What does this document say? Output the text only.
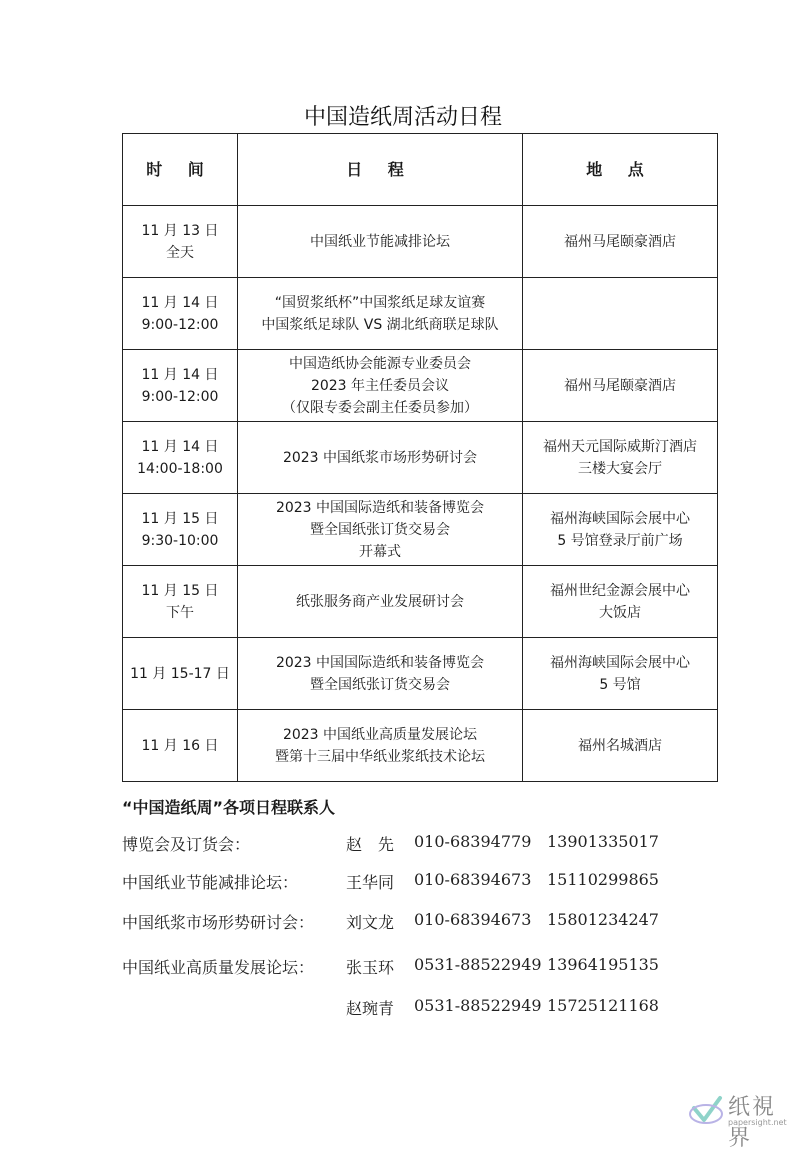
中国造纸周活动日程
时 间	日 程	地 点

11 月 13 日
全天	中国纸业节能减排论坛	福州马尾颐豪酒店

11 月 14 日
9:00-12:00	“国贸浆纸杯”中国浆纸足球友谊赛
中国浆纸足球队 VS 湖北纸商联足球队	

11 月 14 日
9:00-12:00	中国造纸协会能源专业委员会
2023 年主任委员会议
（仅限专委会副主任委员参加）	福州马尾颐豪酒店

11 月 14 日
14:00-18:00	2023 中国纸浆市场形势研讨会	福州天元国际威斯汀酒店
三楼大宴会厅

11 月 15 日
9:30-10:00	2023 中国国际造纸和装备博览会
暨全国纸张订货交易会
开幕式	福州海峡国际会展中心
5 号馆登录厅前广场

11 月 15 日
下午	纸张服务商产业发展研讨会	福州世纪金源会展中心
大饭店

11 月 15-17 日	2023 中国国际造纸和装备博览会
暨全国纸张订货交易会	福州海峡国际会展中心
5 号馆

11 月 16 日	2023 中国纸业高质量发展论坛
暨第十三届中华纸业浆纸技术论坛	福州名城酒店
“中国造纸周”各项日程联系人
博览会及订货会：	赵　先 010-68394779 13901335017
中国纸业节能减排论坛：	王华同 010-68394673 15110299865
中国纸浆市场形势研讨会： 刘文龙 010-68394673 15801234247
中国纸业高质量发展论坛： 张玉环 0531-88522949 13964195135
赵琬青 0531-88522949 15725121168
纸視界
papersight.net
